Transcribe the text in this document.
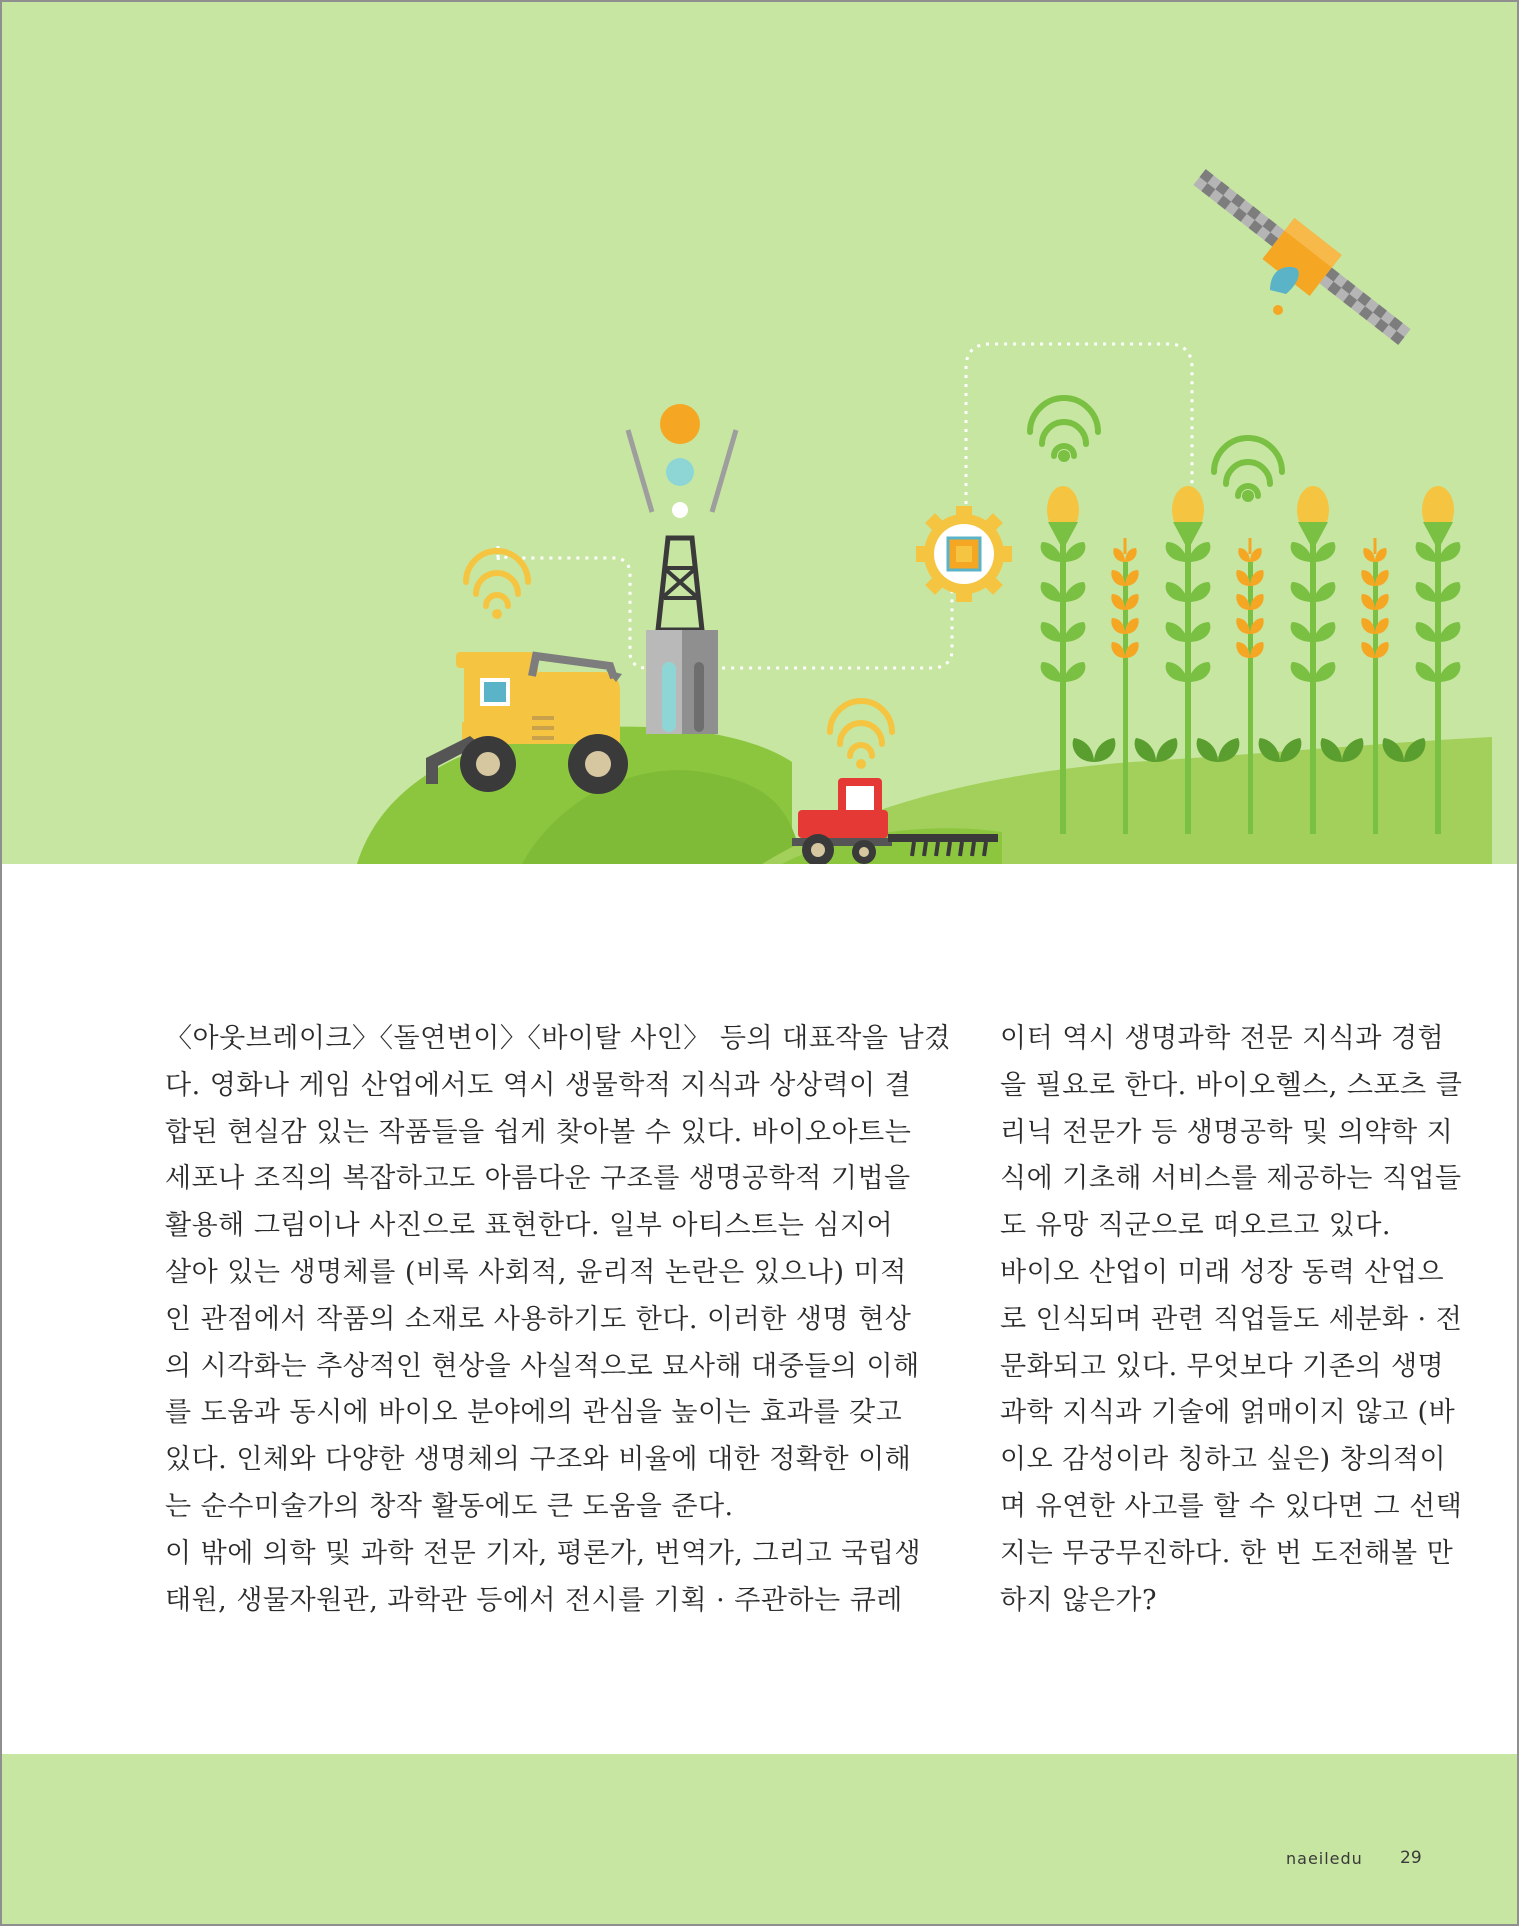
〈아웃브레이크〉〈돌연변이〉〈바이탈 사인〉 등의 대표작을 남겼

다. 영화나 게임 산업에서도 역시 생물학적 지식과 상상력이 결

합된 현실감 있는 작품들을 쉽게 찾아볼 수 있다. 바이오아트는

세포나 조직의 복잡하고도 아름다운 구조를 생명공학적 기법을

활용해 그림이나 사진으로 표현한다. 일부 아티스트는 심지어

살아 있는 생명체를 (비록 사회적, 윤리적 논란은 있으나) 미적

인 관점에서 작품의 소재로 사용하기도 한다. 이러한 생명 현상

의 시각화는 추상적인 현상을 사실적으로 묘사해 대중들의 이해

를 도움과 동시에 바이오 분야에의 관심을 높이는 효과를 갖고

있다. 인체와 다양한 생명체의 구조와 비율에 대한 정확한 이해

는 순수미술가의 창작 활동에도 큰 도움을 준다.

이 밖에 의학 및 과학 전문 기자, 평론가, 번역가, 그리고 국립생

태원, 생물자원관, 과학관 등에서 전시를 기획 · 주관하는 큐레

이터 역시 생명과학 전문 지식과 경험

을 필요로 한다. 바이오헬스, 스포츠 클

리닉 전문가 등 생명공학 및 의약학 지

식에 기초해 서비스를 제공하는 직업들

도 유망 직군으로 떠오르고 있다.

바이오 산업이 미래 성장 동력 산업으

로 인식되며 관련 직업들도 세분화 · 전

문화되고 있다. 무엇보다 기존의 생명

과학 지식과 기술에 얽매이지 않고 (바

이오 감성이라 칭하고 싶은) 창의적이

며 유연한 사고를 할 수 있다면 그 선택

지는 무궁무진하다. 한 번 도전해볼 만

하지 않은가?

naeiledu 29
